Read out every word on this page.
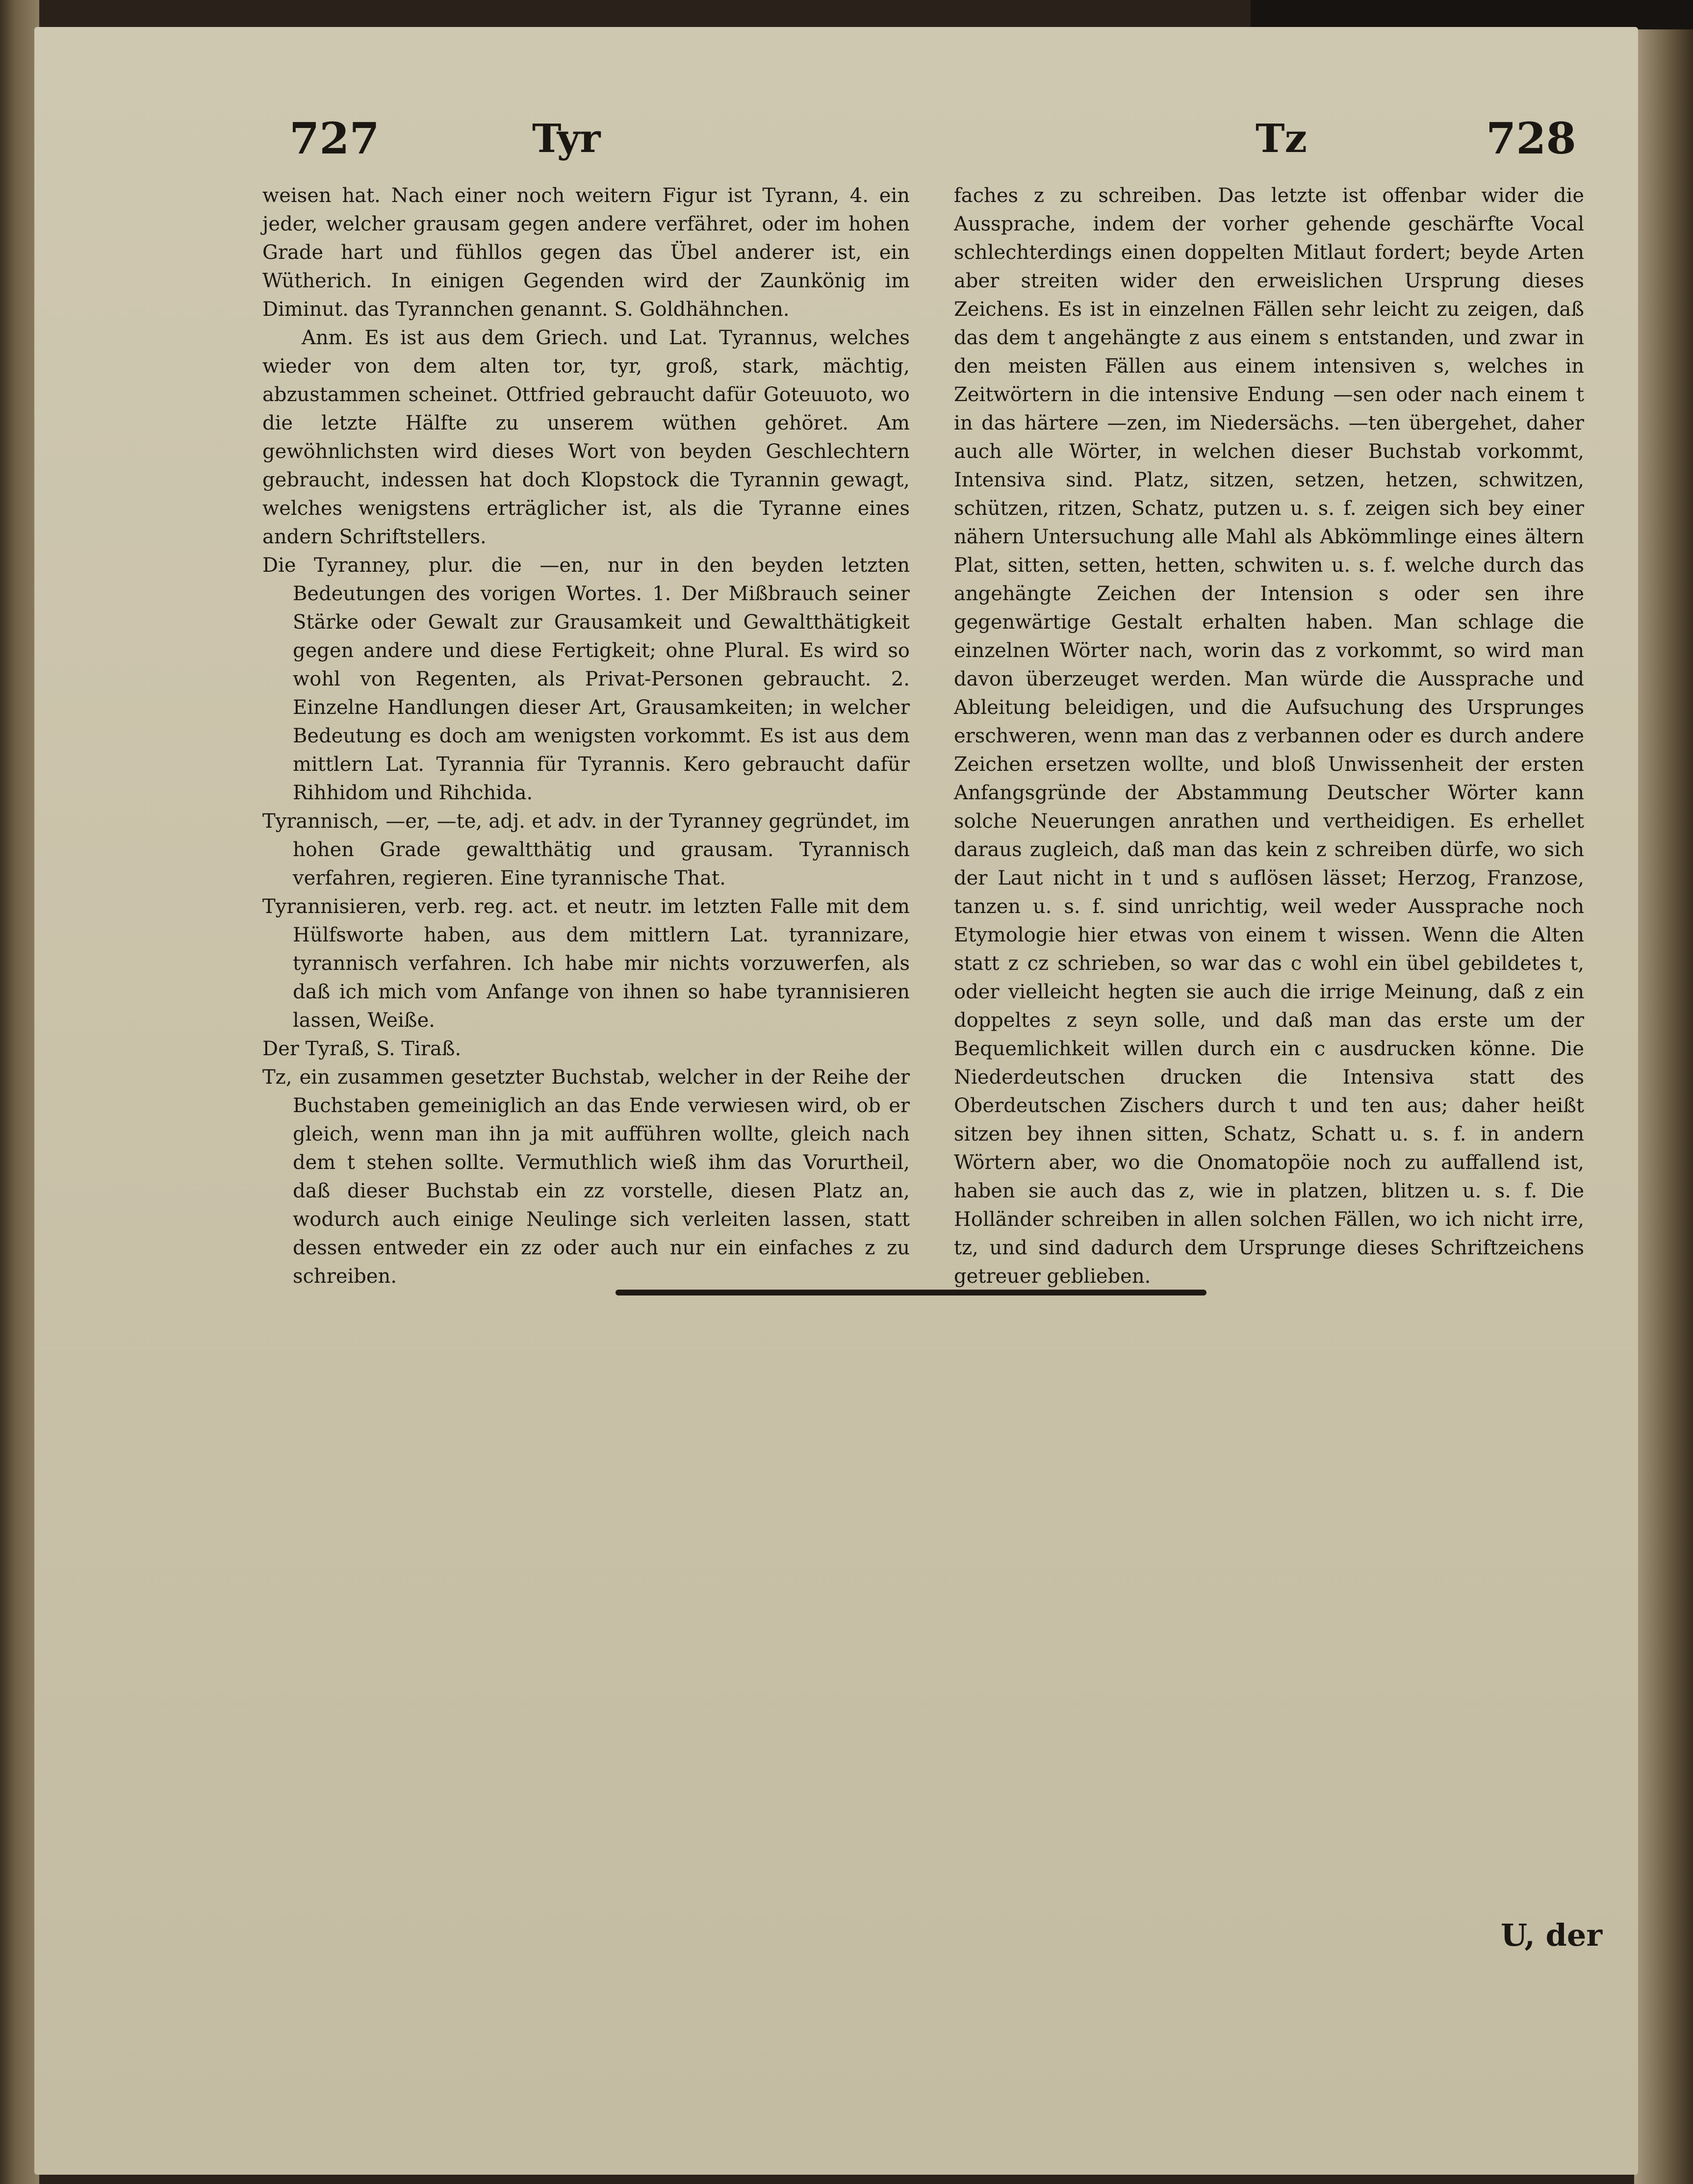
727	Tyr	Tz	728

weisen hat. Nach einer noch weitern Figur ist Tyrann, 4. ein jeder, welcher grausam gegen andere verfähret, oder im hohen Grade hart und fühllos gegen das Übel anderer ist, ein Wütherich. In einigen Gegenden wird der Zaunkönig im Diminut. das Tyrannchen genannt. S. Goldhähnchen.

Anm. Es ist aus dem Griech. und Lat. Tyrannus, welches wieder von dem alten tor, tyr, groß, stark, mächtig, abzustammen scheinet. Ottfried gebraucht dafür Goteuuoto, wo die letzte Hälfte zu unserem wüthen gehöret. Am gewöhnlichsten wird dieses Wort von beyden Geschlechtern gebraucht, indessen hat doch Klopstock die Tyrannin gewagt, welches wenigstens erträglicher ist, als die Tyranne eines andern Schriftstellers.

Die Tyranney, plur. die —en, nur in den beyden letzten Bedeutungen des vorigen Wortes. 1. Der Mißbrauch seiner Stärke oder Gewalt zur Grausamkeit und Gewaltthätigkeit gegen andere und diese Fertigkeit; ohne Plural. Es wird so wohl von Regenten, als Privat-Personen gebraucht. 2. Einzelne Handlungen dieser Art, Grausamkeiten; in welcher Bedeutung es doch am wenigsten vorkommt. Es ist aus dem mittlern Lat. Tyrannia für Tyrannis. Kero gebraucht dafür Rihhidom und Rihchida.

Tyrannisch, —er, —te, adj. et adv. in der Tyranney gegründet, im hohen Grade gewaltthätig und grausam. Tyrannisch verfahren, regieren. Eine tyrannische That.

Tyrannisieren, verb. reg. act. et neutr. im letzten Falle mit dem Hülfsworte haben, aus dem mittlern Lat. tyrannizare, tyrannisch verfahren. Ich habe mir nichts vorzuwerfen, als daß ich mich vom Anfange von ihnen so habe tyrannisieren lassen, Weiße.

Der Tyraß, S. Tiraß.

Tz, ein zusammen gesetzter Buchstab, welcher in der Reihe der Buchstaben gemeiniglich an das Ende verwiesen wird, ob er gleich, wenn man ihn ja mit aufführen wollte, gleich nach dem t stehen sollte. Vermuthlich wieß ihm das Vorurtheil, daß dieser Buchstab ein zz vorstelle, diesen Platz an, wodurch auch einige Neulinge sich verleiten lassen, statt dessen entweder ein zz oder auch nur ein einfaches z zu schreiben.

faches z zu schreiben. Das letzte ist offenbar wider die Aussprache, indem der vorher gehende geschärfte Vocal schlechterdings einen doppelten Mitlaut fordert; beyde Arten aber streiten wider den erweislichen Ursprung dieses Zeichens. Es ist in einzelnen Fällen sehr leicht zu zeigen, daß das dem t angehängte z aus einem s entstanden, und zwar in den meisten Fällen aus einem intensiven s, welches in Zeitwörtern in die intensive Endung —sen oder nach einem t in das härtere —zen, im Niedersächs. —ten übergehet, daher auch alle Wörter, in welchen dieser Buchstab vorkommt, Intensiva sind. Platz, sitzen, setzen, hetzen, schwitzen, schützen, ritzen, Schatz, putzen u. s. f. zeigen sich bey einer nähern Untersuchung alle Mahl als Abkömmlinge eines ältern Plat, sitten, setten, hetten, schwiten u. s. f. welche durch das angehängte Zeichen der Intension s oder sen ihre gegenwärtige Gestalt erhalten haben. Man schlage die einzelnen Wörter nach, worin das z vorkommt, so wird man davon überzeuget werden. Man würde die Aussprache und Ableitung beleidigen, und die Aufsuchung des Ursprunges erschweren, wenn man das z verbannen oder es durch andere Zeichen ersetzen wollte, und bloß Unwissenheit der ersten Anfangsgründe der Abstammung Deutscher Wörter kann solche Neuerungen anrathen und vertheidigen. Es erhellet daraus zugleich, daß man das kein z schreiben dürfe, wo sich der Laut nicht in t und s auflösen lässet; Herzog, Franzose, tanzen u. s. f. sind unrichtig, weil weder Aussprache noch Etymologie hier etwas von einem t wissen. Wenn die Alten statt z cz schrieben, so war das c wohl ein übel gebildetes t, oder vielleicht hegten sie auch die irrige Meinung, daß z ein doppeltes z seyn solle, und daß man das erste um der Bequemlichkeit willen durch ein c ausdrucken könne. Die Niederdeutschen drucken die Intensiva statt des Oberdeutschen Zischers durch t und ten aus; daher heißt sitzen bey ihnen sitten, Schatz, Schatt u. s. f. in andern Wörtern aber, wo die Onomatopöie noch zu auffallend ist, haben sie auch das z, wie in platzen, blitzen u. s. f. Die Holländer schreiben in allen solchen Fällen, wo ich nicht irre, tz, und sind dadurch dem Ursprunge dieses Schriftzeichens getreuer geblieben.

U, der
